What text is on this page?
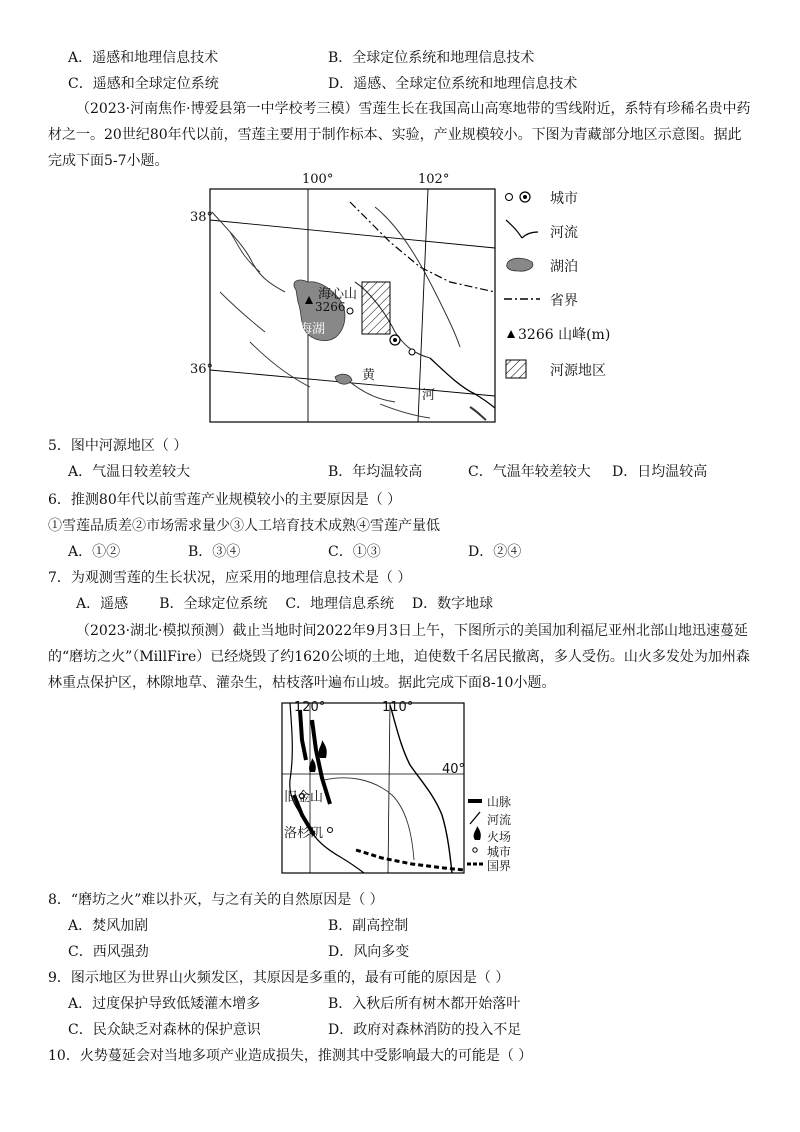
A．遥感和地理信息技术	B．全球定位系统和地理信息技术
C．遥感和全球定位系统	D．遥感、全球定位系统和地理信息技术
（2023·河南焦作·博爱县第一中学校考三模）雪莲生长在我国高山高寒地带的雪线附近，系特有珍稀名贵中药材之一。20世纪80年代以前，雪莲主要用于制作标本、实验，产业规模较小。下图为青藏部分地区示意图。据此完成下面5-7小题。
100°	102°
38°
36°
海心山
3266
青海湖
黄
河
城市
河流
湖泊
省界
3266 山峰(m)
河源地区
5．图中河源地区（ ）
A．气温日较差较大	B．年均温较高	C．气温年较差较大 D．日均温较高
6．推测80年代以前雪莲产业规模较小的主要原因是（ ）
①雪莲品质差②市场需求量少③人工培育技术成熟④雪莲产量低
A．①②	B．③④	C．①③	D．②④
7．为观测雪莲的生长状况，应采用的地理信息技术是（ ）
A．遥感       B．全球定位系统    C．地理信息系统    D．数字地球
（2023·湖北·模拟预测）截止当地时间2022年9月3日上午，下图所示的美国加利福尼亚州北部山地迅速蔓延的“磨坊之火”（MillFire）已经烧毁了约1620公顷的土地，迫使数千名居民撤离，多人受伤。山火多发处为加州森林重点保护区，林隙地草、灌杂生，枯枝落叶遍布山坡。据此完成下面8-10小题。
120°	110°
40°
旧金山
洛杉矶
山脉
河流
火场
城市
国界
8．“磨坊之火”难以扑灭，与之有关的自然原因是（ ）
A．焚风加剧	B．副高控制
C．西风强劲	D．风向多变
9．图示地区为世界山火频发区，其原因是多重的，最有可能的原因是（ ）
A．过度保护导致低矮灌木增多	B．入秋后所有树木都开始落叶
C．民众缺乏对森林的保护意识	D．政府对森林消防的投入不足
10．火势蔓延会对当地多项产业造成损失，推测其中受影响最大的可能是（ ）
